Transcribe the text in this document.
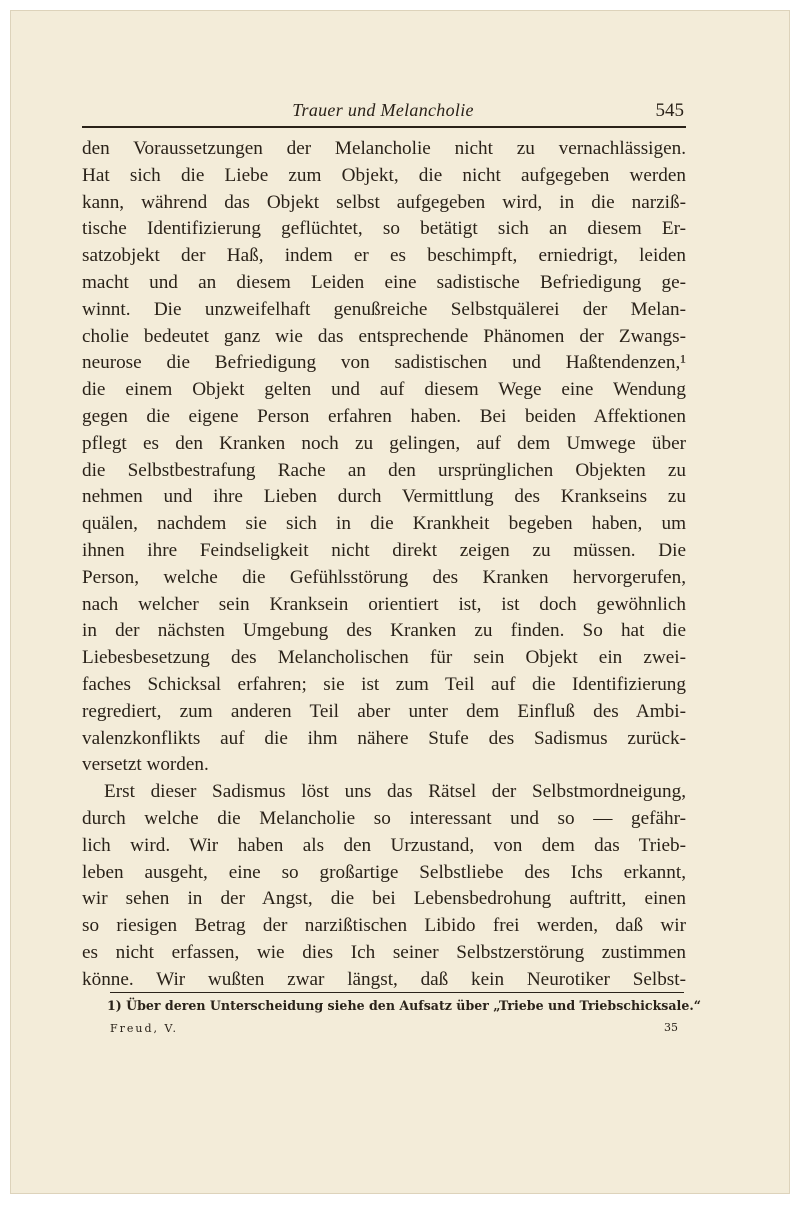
Trauer und Melancholie	545
den Voraussetzungen der Melancholie nicht zu vernachlässigen.
Hat sich die Liebe zum Objekt, die nicht aufgegeben werden
kann, während das Objekt selbst aufgegeben wird, in die narziß-
tische Identifizierung geflüchtet, so betätigt sich an diesem Er-
satzobjekt der Haß, indem er es beschimpft, erniedrigt, leiden
macht und an diesem Leiden eine sadistische Befriedigung ge-
winnt. Die unzweifelhaft genußreiche Selbstquälerei der Melan-
cholie bedeutet ganz wie das entsprechende Phänomen der Zwangs-
neurose die Befriedigung von sadistischen und Haßtendenzen,¹
die einem Objekt gelten und auf diesem Wege eine Wendung
gegen die eigene Person erfahren haben. Bei beiden Affektionen
pflegt es den Kranken noch zu gelingen, auf dem Umwege über
die Selbstbestrafung Rache an den ursprünglichen Objekten zu
nehmen und ihre Lieben durch Vermittlung des Krankseins zu
quälen, nachdem sie sich in die Krankheit begeben haben, um
ihnen ihre Feindseligkeit nicht direkt zeigen zu müssen. Die
Person, welche die Gefühlsstörung des Kranken hervorgerufen,
nach welcher sein Kranksein orientiert ist, ist doch gewöhnlich
in der nächsten Umgebung des Kranken zu finden. So hat die
Liebesbesetzung des Melancholischen für sein Objekt ein zwei-
faches Schicksal erfahren; sie ist zum Teil auf die Identifizierung
regrediert, zum anderen Teil aber unter dem Einfluß des Ambi-
valenzkonflikts auf die ihm nähere Stufe des Sadismus zurück-
versetzt worden.
Erst dieser Sadismus löst uns das Rätsel der Selbstmordneigung,
durch welche die Melancholie so interessant und so — gefähr-
lich wird. Wir haben als den Urzustand, von dem das Trieb-
leben ausgeht, eine so großartige Selbstliebe des Ichs erkannt,
wir sehen in der Angst, die bei Lebensbedrohung auftritt, einen
so riesigen Betrag der narzißtischen Libido frei werden, daß wir
es nicht erfassen, wie dies Ich seiner Selbstzerstörung zustimmen
könne. Wir wußten zwar längst, daß kein Neurotiker Selbst-
1) Über deren Unterscheidung siehe den Aufsatz über „Triebe und Triebschicksale.“
Freud, V.	35
